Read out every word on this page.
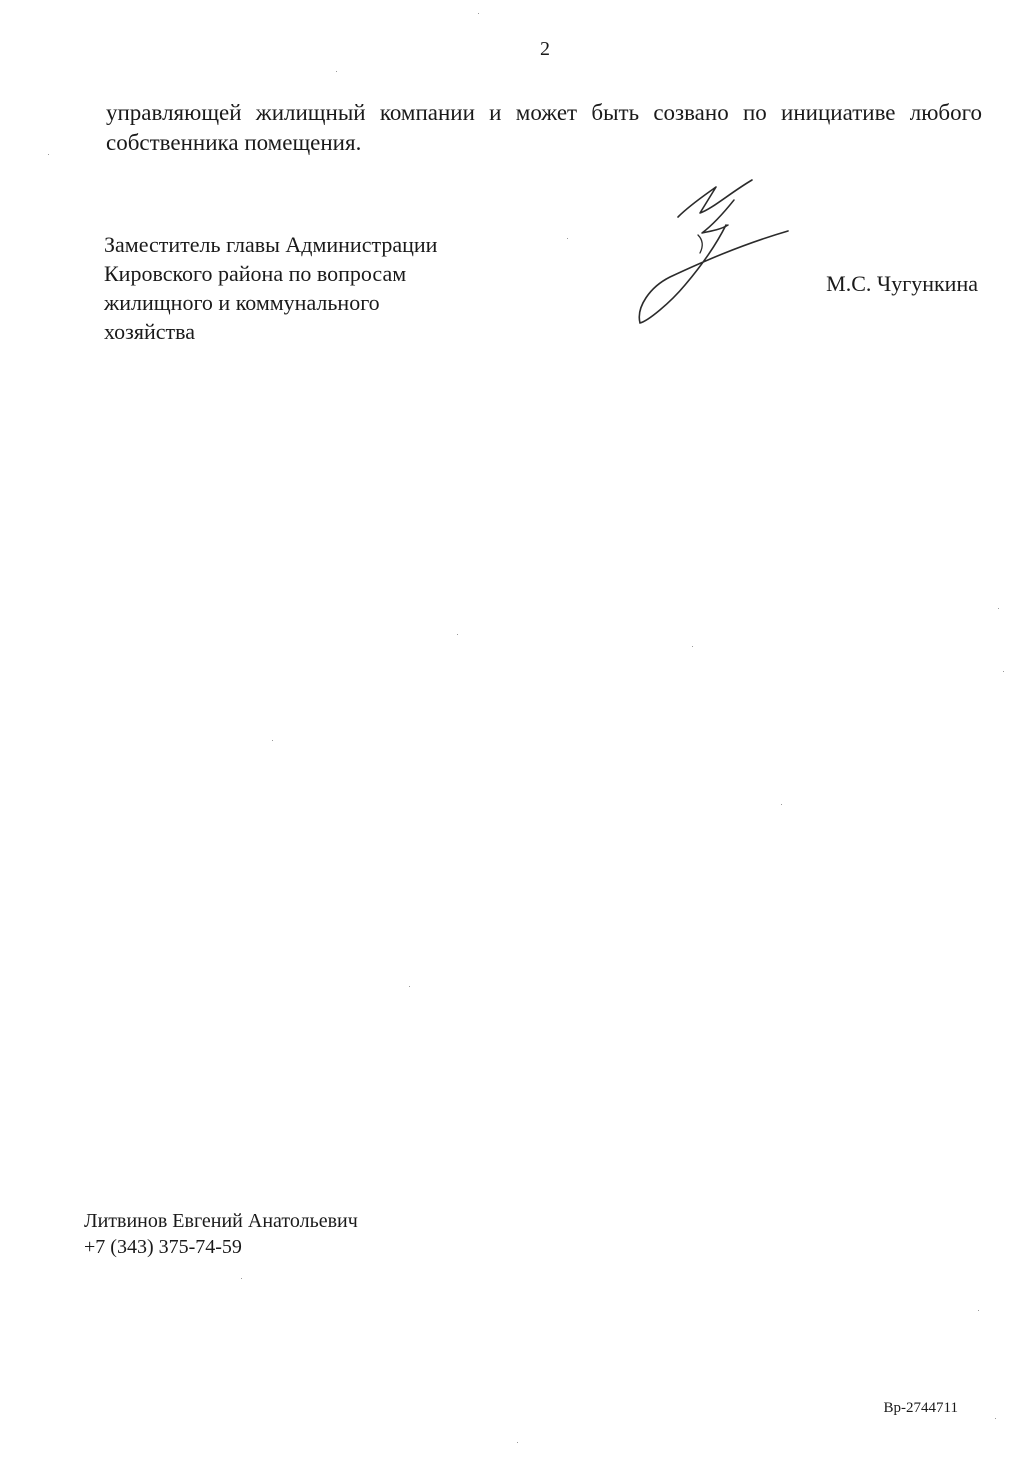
2
управляющей жилищный компании и может быть созвано по инициативе любого
собственника помещения.
Заместитель главы Администрации
Кировского района по вопросам
жилищного и коммунального
хозяйства
М.С. Чугункина
Литвинов Евгений Анатольевич
+7 (343) 375-74-59
Вр-2744711
